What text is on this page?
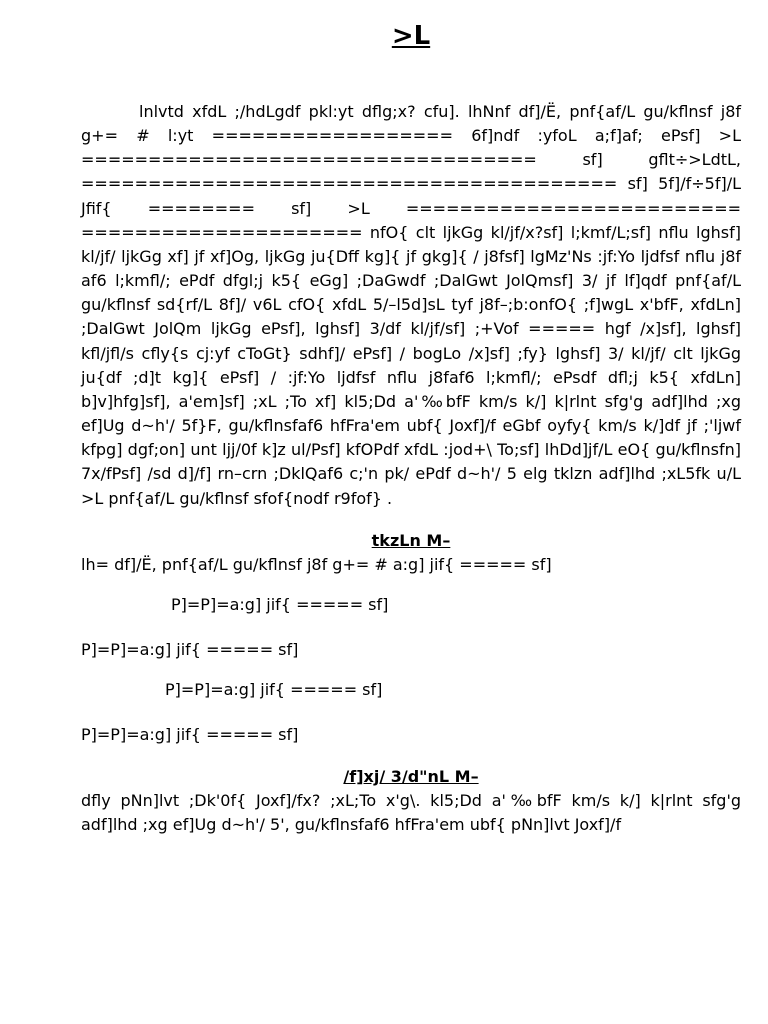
>L

lnlvtd xfdL ;/hdLgdf pkl:yt dflg;x? cfu]. lhNnf df]/Ë, pnf{af/L gu/kflnsf j8f g+= # l:yt ================== 6f]ndf :yfoL a;f]af; ePsf] >L ================================== sf] gflt÷>LdtL, ======================================== sf] 5f]/f÷5f]/L Jfif{ ======== sf] >L ========================= ===================== nfO{ clt ljkGg kl/jf/x?sf] l;kmf/L;sf] nflu lghsf] kl/jf/ ljkGg xf] jf xf]Og, ljkGg ju{Dff kg]{ jf gkg]{ / j8fsf] lgMz'Ns :jf:Yo ljdfsf nflu j8f af6 l;kmfl/; ePdf dfgl;j k5{ eGg] ;DaGwdf ;DalGwt JolQmsf] 3/ jf lf]qdf pnf{af/L gu/kflnsf sd{rf/L 8f]/ v6L cfO{ xfdL 5/–l5d]sL tyf j8f–;b:onfO{ ;f]wgL x'bfF, xfdLn] ;DalGwt JolQm ljkGg ePsf], lghsf] 3/df kl/jf/sf] ;+Vof ===== hgf /x]sf], lghsf] kfl/jfl/s cfly{s cj:yf cToGt} sdhf]/ ePsf] / bogLo /x]sf] ;fy} lghsf] 3/ kl/jf/ clt ljkGg ju{df ;d]t kg]{ ePsf] / :jf:Yo ljdfsf nflu j8faf6 l;kmfl/; ePsdf dfl;j k5{ xfdLn] b]v]hfg]sf], a'em]sf] ;xL ;To xf] kl5;Dd a'‰bfF km/s k/] k|rlnt sfg'g adf]lhd ;xg ef]Ug d~h'/ 5f}F, gu/kflnsfaf6 hfFra'em ubf{ Joxf]/f eGbf oyfy{ km/s k/]df jf ;'ljwf kfpg] dgf;on] unt ljj/0f k]z ul/Psf] kfOPdf xfdL :jod+\ To;sf] lhDd]jf/L eO{ gu/kflnsfn] 7x/fPsf] /sd d]/f] rn–crn ;DklQaf6 c;'n pk/ ePdf d~h'/ 5 elg tklzn adf]lhd ;xL5fk u/L >L pnf{af/L gu/kflnsf sfof{nodf r9fof} .

tkzLn M–

lh= df]/Ë, pnf{af/L gu/kflnsf j8f g+= # a:g] jif{ ===== sf]

P]=P]=a:g] jif{ ===== sf]

P]=P]=a:g] jif{ ===== sf]

P]=P]=a:g] jif{ ===== sf]

P]=P]=a:g] jif{ ===== sf]

/f]xj/ 3/d"nL M–

dfly pNn]lvt ;Dk'0f{ Joxf]/fx? ;xL;To x'g\. kl5;Dd a'‰bfF km/s k/] k|rlnt sfg'g adf]lhd ;xg ef]Ug d~h'/ 5', gu/kflnsfaf6 hfFra'em ubf{ pNn]lvt Joxf]/f
